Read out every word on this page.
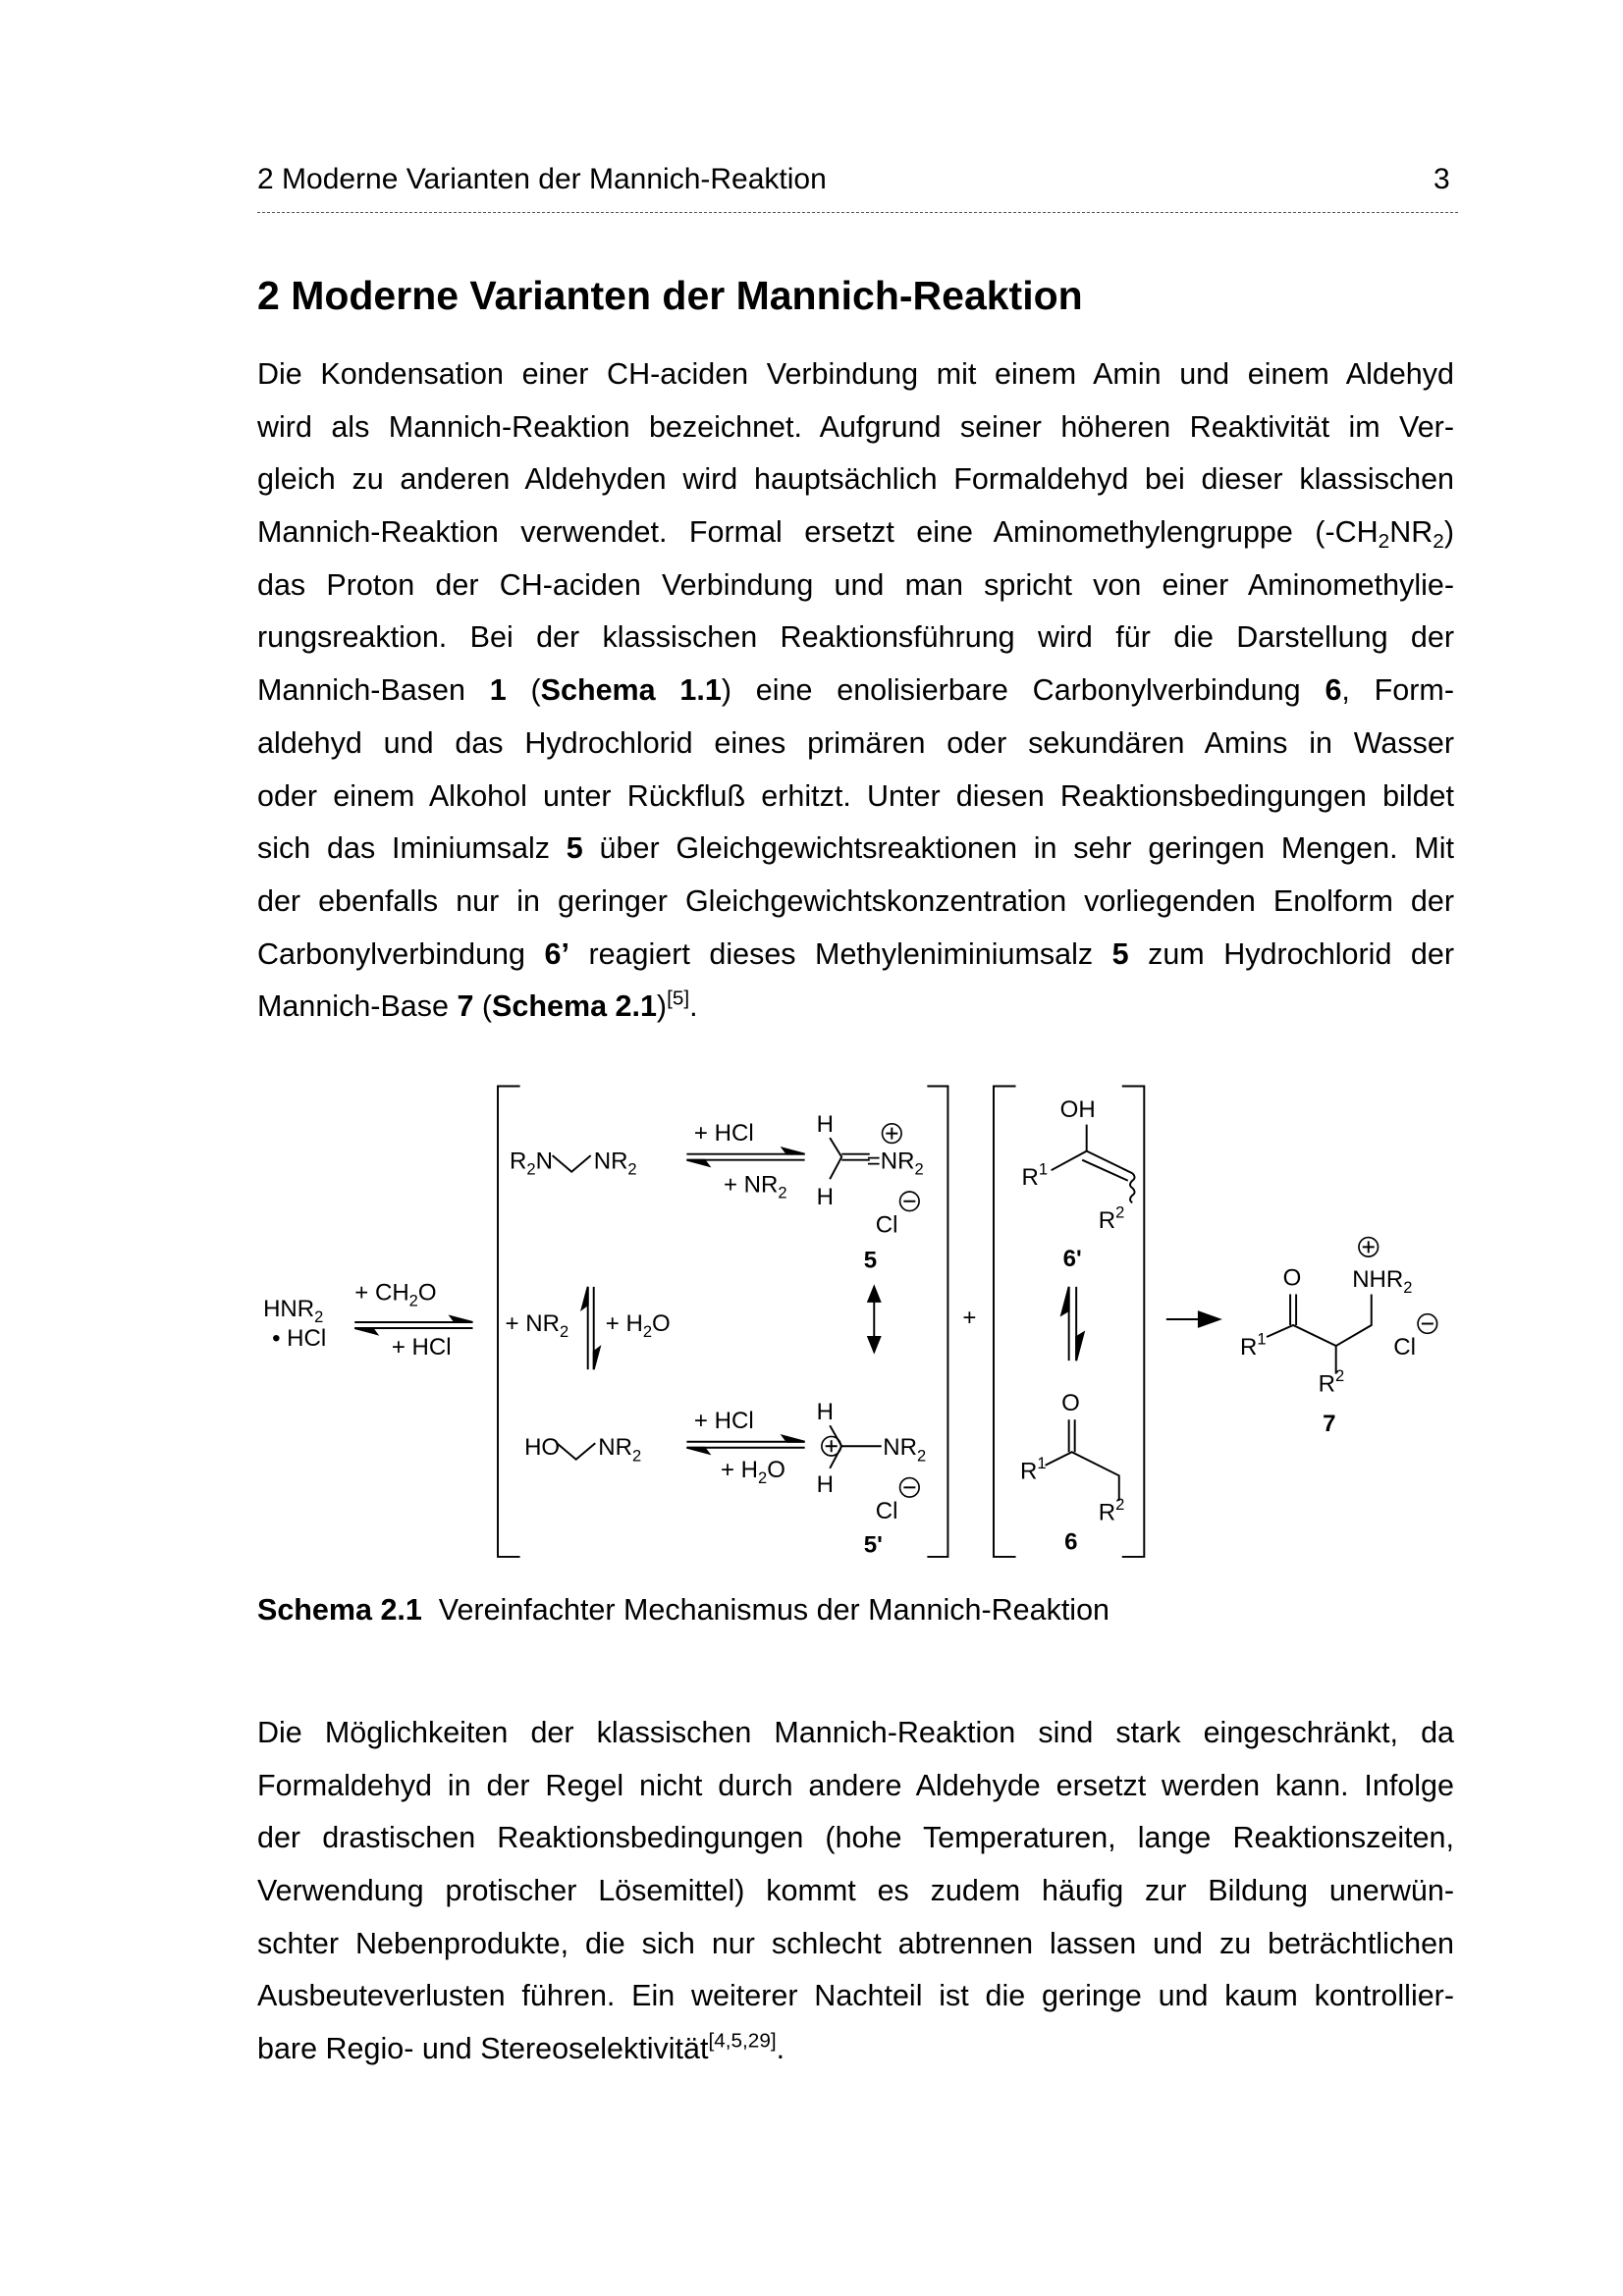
2 Moderne Varianten der Mannich-Reaktion	3
2 Moderne Varianten der Mannich-Reaktion
Die Kondensation einer CH-aciden Verbindung mit einem Amin und einem Aldehyd
wird als Mannich-Reaktion bezeichnet. Aufgrund seiner höheren Reaktivität im Ver-
gleich zu anderen Aldehyden wird hauptsächlich Formaldehyd bei dieser klassischen
Mannich-Reaktion verwendet. Formal ersetzt eine Aminomethylengruppe $(-CH_2NR_2)$
das Proton der CH-aciden Verbindung und man spricht von einer Aminomethylie-
rungsreaktion. Bei der klassischen Reaktionsführung wird für die Darstellung der
Mannich-Basen 1 (Schema 1.1) eine enolisierbare Carbonylverbindung 6, Form-
aldehyd und das Hydrochlorid eines primären oder sekundären Amins in Wasser
oder einem Alkohol unter Rückfluß erhitzt. Unter diesen Reaktionsbedingungen bildet
sich das Iminiumsalz 5 über Gleichgewichtsreaktionen in sehr geringen Mengen. Mit
der ebenfalls nur in geringer Gleichgewichtskonzentration vorliegenden Enolform der
Carbonylverbindung 6’ reagiert dieses Methyleniminiumsalz 5 zum Hydrochlorid der
Mannich-Base 7 (Schema 2.1)[5].
$HNR_2$
• HCl
+ $CH_2O$
+ HCl
$R_2N$	$NR_2$
+ HCl
+ $NR_2$
H
H
$=NR_2$
Cl
5
+ $NR_2 + H_2O$
HO $NR_2$
+ HCl
+ $H_2O$
H
H
$NR_2$
Cl
5'
+
OH
$R^1$
$R^2$
6'
O
$R^1$
$R^2$
6
O
$R^1$
$NHR_2$
Cl
$R^2$
7
Schema 2.1  Vereinfachter Mechanismus der Mannich-Reaktion
Die Möglichkeiten der klassischen Mannich-Reaktion sind stark eingeschränkt, da
Formaldehyd in der Regel nicht durch andere Aldehyde ersetzt werden kann. Infolge
der drastischen Reaktionsbedingungen (hohe Temperaturen, lange Reaktionszeiten,
Verwendung protischer Lösemittel) kommt es zudem häufig zur Bildung unerwün-
schter Nebenprodukte, die sich nur schlecht abtrennen lassen und zu beträchtlichen
Ausbeuteverlusten führen. Ein weiterer Nachteil ist die geringe und kaum kontrollier-
bare Regio- und Stereoselektivität[4,5,29].
